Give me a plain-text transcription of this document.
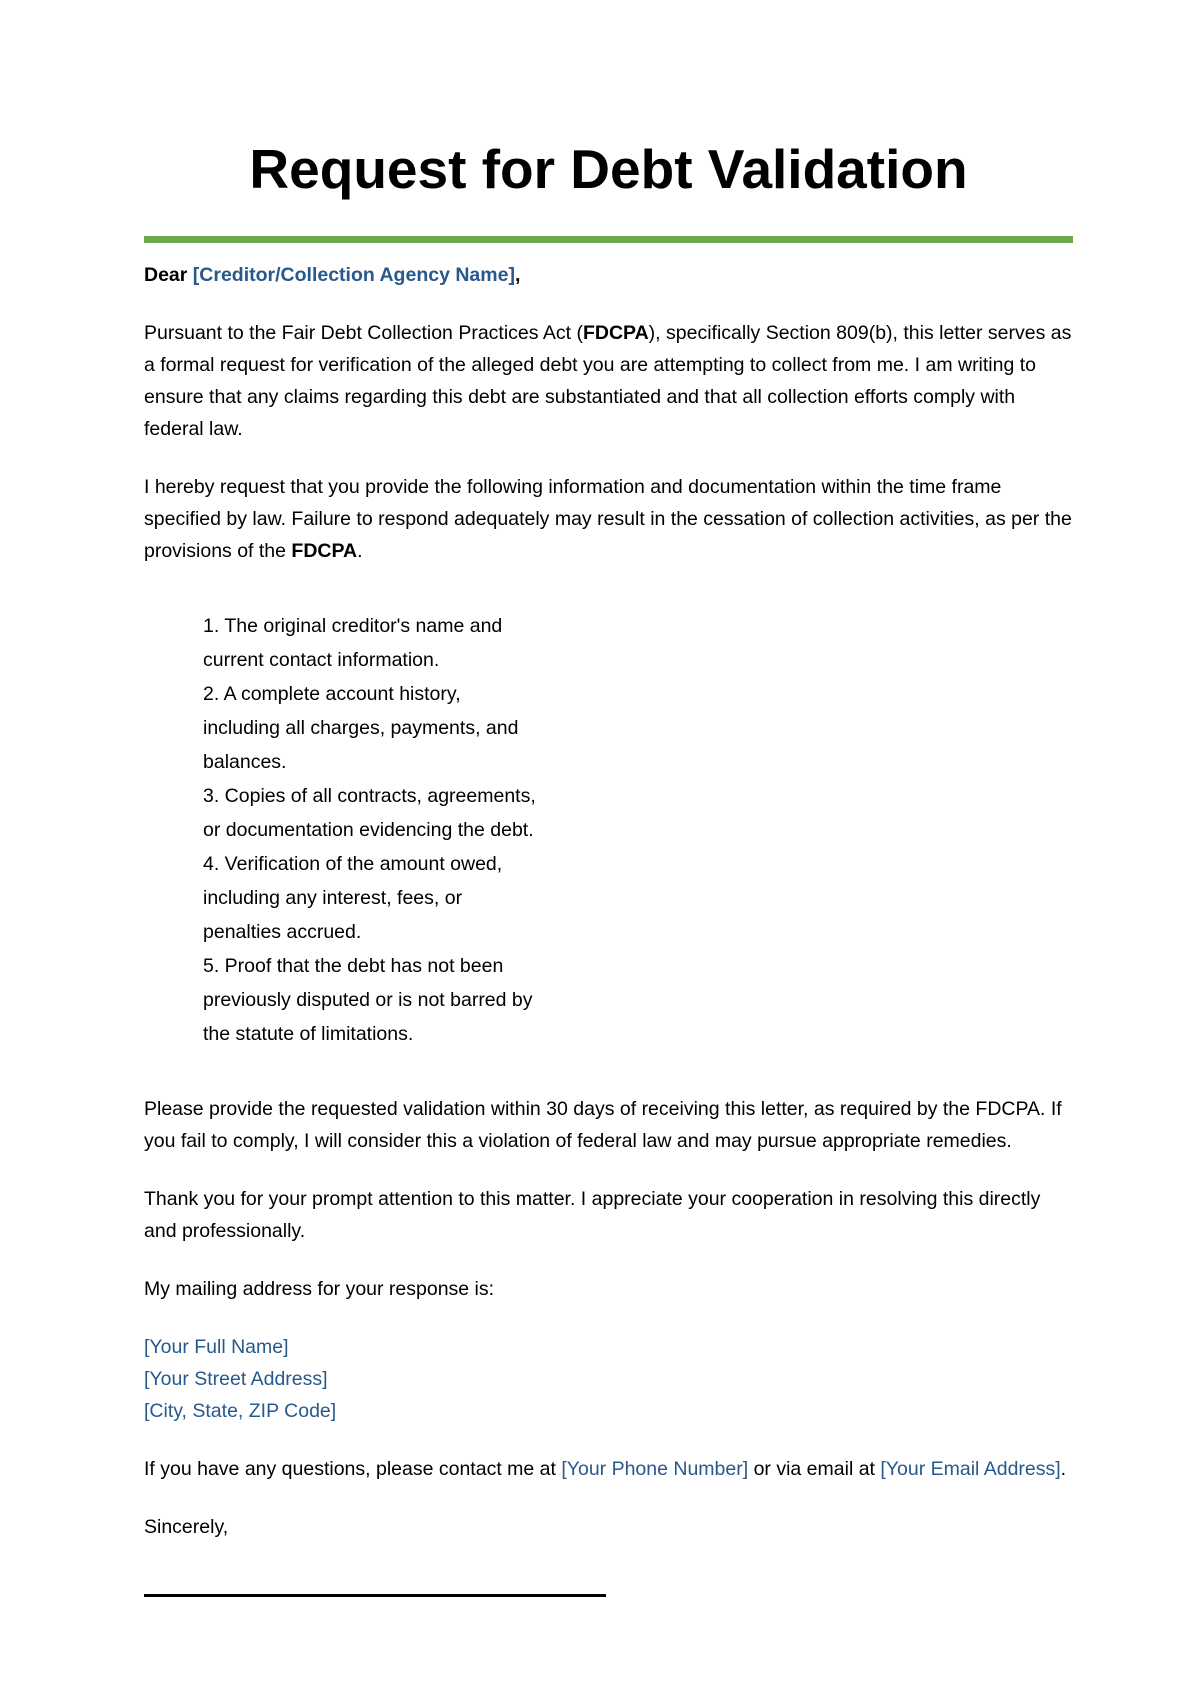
Request for Debt Validation

Dear [Creditor/Collection Agency Name],

Pursuant to the Fair Debt Collection Practices Act (FDCPA), specifically Section 809(b), this letter serves as a formal request for verification of the alleged debt you are attempting to collect from me. I am writing to ensure that any claims regarding this debt are substantiated and that all collection efforts comply with federal law.

I hereby request that you provide the following information and documentation within the time frame specified by law. Failure to respond adequately may result in the cessation of collection activities, as per the provisions of the FDCPA.

1. The original creditor's name and
current contact information.
2. A complete account history,
including all charges, payments, and
balances.
3. Copies of all contracts, agreements,
or documentation evidencing the debt.
4. Verification of the amount owed,
including any interest, fees, or
penalties accrued.
5. Proof that the debt has not been
previously disputed or is not barred by
the statute of limitations.

Please provide the requested validation within 30 days of receiving this letter, as required by the FDCPA. If you fail to comply, I will consider this a violation of federal law and may pursue appropriate remedies.

Thank you for your prompt attention to this matter. I appreciate your cooperation in resolving this directly and professionally.

My mailing address for your response is:

[Your Full Name]
[Your Street Address]
[City, State, ZIP Code]

If you have any questions, please contact me at [Your Phone Number] or via email at [Your Email Address].

Sincerely,
